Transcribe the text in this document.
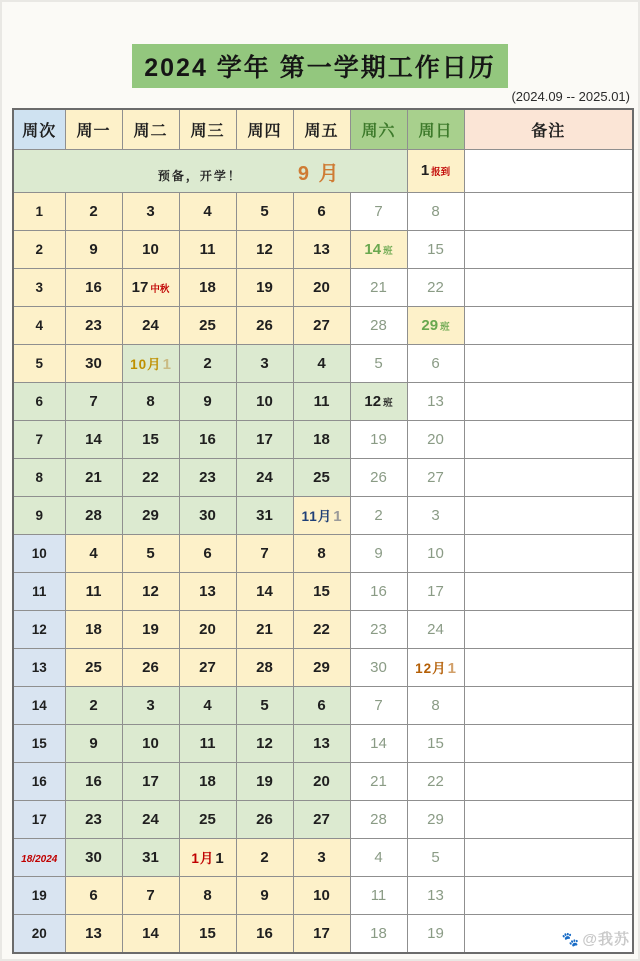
2024 学年 第一学期工作日历
(2024.09 -- 2025.01)
周次	周一	周二	周三	周四	周五	周六	周日	备注
预备，开学！ 9 月							1 报到	
1	2	3	4	5	6	7	8	
2	9	10	11	12	13	14 班	15	
3	16	17 中秋	18	19	20	21	22	
4	23	24	25	26	27	28	29 班	
5	30	10月1	2	3	4	5	6	
6	7	8	9	10	11	12 班	13	
7	14	15	16	17	18	19	20	
8	21	22	23	24	25	26	27	
9	28	29	30	31	11月1	2	3	
10	4	5	6	7	8	9	10	
11	11	12	13	14	15	16	17	
12	18	19	20	21	22	23	24	
13	25	26	27	28	29	30	12月1	
14	2	3	4	5	6	7	8	
15	9	10	11	12	13	14	15	
16	16	17	18	19	20	21	22	
17	23	24	25	26	27	28	29	
18/2024	30	31	1月1	2	3	4	5	
19	6	7	8	9	10	11	13	
20	13	14	15	16	17	18	19		🐾 @我苏
